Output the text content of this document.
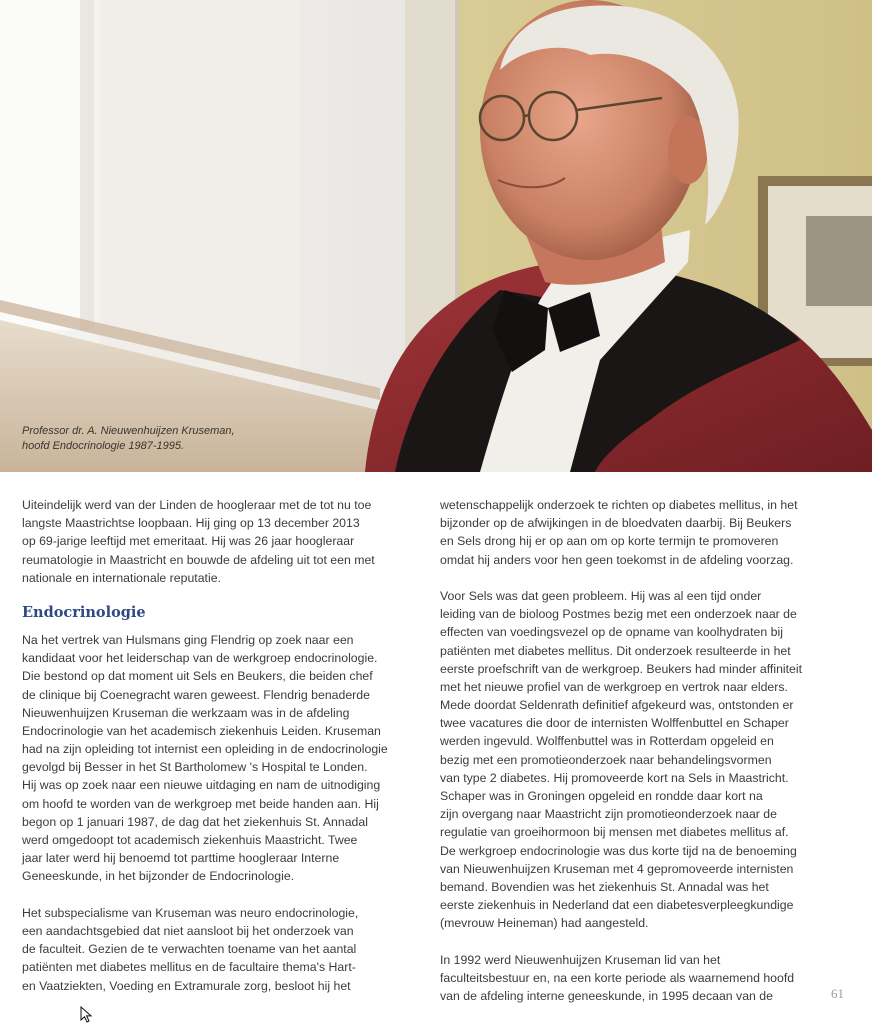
Professor dr. A. Nieuwenhuijzen Kruseman,
hoofd Endocrinologie 1987-1995.
Uiteindelijk werd van der Linden de hoogleraar met de tot nu toe
langste Maastrichtse loopbaan. Hij ging op 13 december 2013
op 69-jarige leeftijd met emeritaat. Hij was 26 jaar hoogleraar
reumatologie in Maastricht en bouwde de afdeling uit tot een met
nationale en internationale reputatie.
Endocrinologie
Na het vertrek van Hulsmans ging Flendrig op zoek naar een
kandidaat voor het leiderschap van de werkgroep endocrinologie.
Die bestond op dat moment uit Sels en Beukers, die beiden chef
de clinique bij Coenegracht waren geweest. Flendrig benaderde
Nieuwenhuijzen Kruseman die werkzaam was in de afdeling
Endocrinologie van het academisch ziekenhuis Leiden. Kruseman
had na zijn opleiding tot internist een opleiding in de endocrinologie
gevolgd bij Besser in het St Bartholomew 's Hospital te Londen.
Hij was op zoek naar een nieuwe uitdaging en nam de uitnodiging
om hoofd te worden van de werkgroep met beide handen aan. Hij
begon op 1 januari 1987, de dag dat het ziekenhuis St. Annadal
werd omgedoopt tot academisch ziekenhuis Maastricht. Twee
jaar later werd hij benoemd tot parttime hoogleraar Interne
Geneeskunde, in het bijzonder de Endocrinologie.
Het subspecialisme van Kruseman was neuro endocrinologie,
een aandachtsgebied dat niet aansloot bij het onderzoek van
de faculteit. Gezien de te verwachten toename van het aantal
patiënten met diabetes mellitus en de facultaire thema's Hart-
en Vaatziekten, Voeding en Extramurale zorg, besloot hij het
wetenschappelijk onderzoek te richten op diabetes mellitus, in het
bijzonder op de afwijkingen in de bloedvaten daarbij. Bij Beukers
en Sels drong hij er op aan om op korte termijn te promoveren
omdat hij anders voor hen geen toekomst in de afdeling voorzag.
Voor Sels was dat geen probleem. Hij was al een tijd onder
leiding van de bioloog Postmes bezig met een onderzoek naar de
effecten van voedingsvezel op de opname van koolhydraten bij
patiënten met diabetes mellitus. Dit onderzoek resulteerde in het
eerste proefschrift van de werkgroep. Beukers had minder affiniteit
met het nieuwe profiel van de werkgroep en vertrok naar elders.
Mede doordat Seldenrath definitief afgekeurd was, ontstonden er
twee vacatures die door de internisten Wolffenbuttel en Schaper
werden ingevuld. Wolffenbuttel was in Rotterdam opgeleid en
bezig met een promotieonderzoek naar behandelingsvormen
van type 2 diabetes. Hij promoveerde kort na Sels in Maastricht.
Schaper was in Groningen opgeleid en rondde daar kort na
zijn overgang naar Maastricht zijn promotieonderzoek naar de
regulatie van groeihormoon bij mensen met diabetes mellitus af.
De werkgroep endocrinologie was dus korte tijd na de benoeming
van Nieuwenhuijzen Kruseman met 4 gepromoveerde internisten
bemand. Bovendien was het ziekenhuis St. Annadal was het
eerste ziekenhuis in Nederland dat een diabetesverpleegkundige
(mevrouw Heineman) had aangesteld.
In 1992 werd Nieuwenhuijzen Kruseman lid van het
faculteitsbestuur en, na een korte periode als waarnemend hoofd
van de afdeling interne geneeskunde, in 1995 decaan van de	61
